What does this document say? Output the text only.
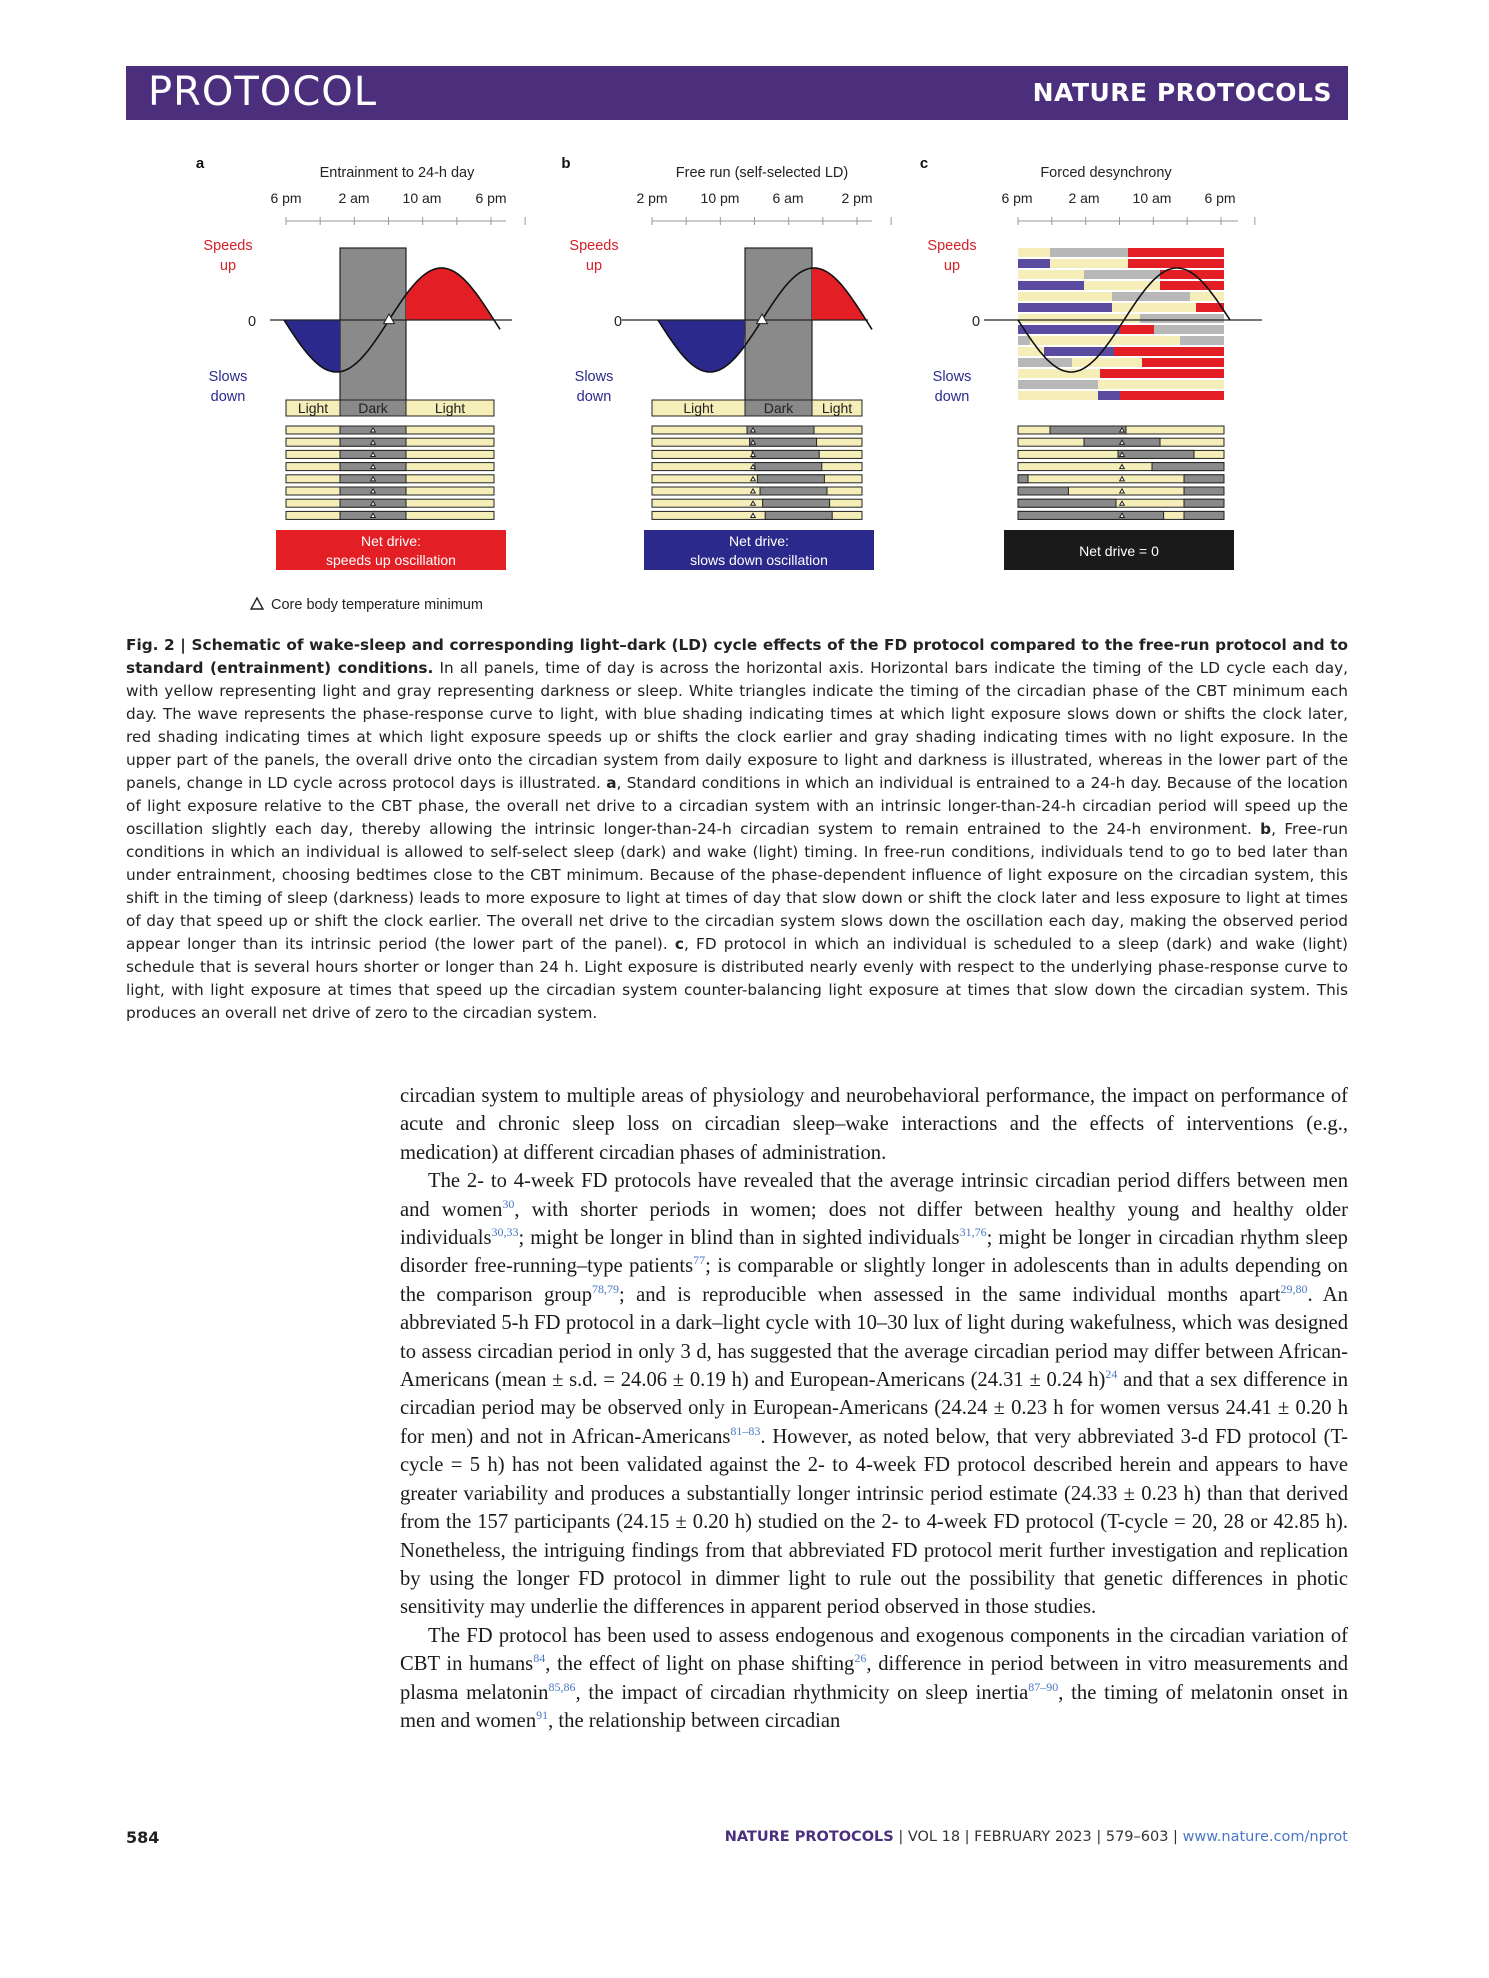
PROTOCOL	NATURE PROTOCOLS
a
Entrainment to 24-h day
6 pm	2 am 10 am 6 pm
Speeds
up
0
Slows
down
Light Dark	Light
Net drive:
speeds up oscillation
b
Free run (self-selected LD)
2 pm 10 pm 6 am	2 pm
Speeds
up
0
Slows
down
Light	Dark Light
Net drive:
slows down oscillation
c
Forced desynchrony
6 pm	2 am 10 am 6 pm
Speeds
up
0
Slows
down
Net drive = 0
Core body temperature minimum
Fig. 2 | Schematic of wake-sleep and corresponding light–dark (LD) cycle effects of the FD protocol compared to the free-run protocol and to standard (entrainment) conditions. In all panels, time of day is across the horizontal axis. Horizontal bars indicate the timing of the LD cycle each day, with yellow representing light and gray representing darkness or sleep. White triangles indicate the timing of the circadian phase of the CBT minimum each day. The wave represents the phase-response curve to light, with blue shading indicating times at which light exposure slows down or shifts the clock later, red shading indicating times at which light exposure speeds up or shifts the clock earlier and gray shading indicating times with no light exposure. In the upper part of the panels, the overall drive onto the circadian system from daily exposure to light and darkness is illustrated, whereas in the lower part of the panels, change in LD cycle across protocol days is illustrated. a, Standard conditions in which an individual is entrained to a 24-h day. Because of the location of light exposure relative to the CBT phase, the overall net drive to a circadian system with an intrinsic longer-than-24-h circadian period will speed up the oscillation slightly each day, thereby allowing the intrinsic longer-than-24-h circadian system to remain entrained to the 24-h environment. b, Free-run conditions in which an individual is allowed to self-select sleep (dark) and wake (light) timing. In free-run conditions, individuals tend to go to bed later than under entrainment, choosing bedtimes close to the CBT minimum. Because of the phase-dependent influence of light exposure on the circadian system, this shift in the timing of sleep (darkness) leads to more exposure to light at times of day that slow down or shift the clock later and less exposure to light at times of day that speed up or shift the clock earlier. The overall net drive to the circadian system slows down the oscillation each day, making the observed period appear longer than its intrinsic period (the lower part of the panel). c, FD protocol in which an individual is scheduled to a sleep (dark) and wake (light) schedule that is several hours shorter or longer than 24 h. Light exposure is distributed nearly evenly with respect to the underlying phase-response curve to light, with light exposure at times that speed up the circadian system counter-balancing light exposure at times that slow down the circadian system. This produces an overall net drive of zero to the circadian system.

circadian system to multiple areas of physiology and neurobehavioral performance, the impact on performance of acute and chronic sleep loss on circadian sleep–wake interactions and the effects of interventions (e.g., medication) at different circadian phases of administration.

The 2- to 4-week FD protocols have revealed that the average intrinsic circadian period differs between men and women$^{30}$, with shorter periods in women; does not differ between healthy young and healthy older individuals$^{30,33}$; might be longer in blind than in sighted individuals$^{31,76}$; might be longer in circadian rhythm sleep disorder free-running–type patients$^{77}$; is comparable or slightly longer in adolescents than in adults depending on the comparison group$^{78,79}$; and is reproducible when assessed in the same individual months apart$^{29,80}$. An abbreviated 5-h FD protocol in a dark–light cycle with 10–30 lux of light during wakefulness, which was designed to assess circadian period in only 3 d, has suggested that the average circadian period may differ between African-Americans (mean ± s.d. = 24.06 ± 0.19 h) and European-Americans (24.31 ± 0.24 h)$^{24}$ and that a sex difference in circadian period may be observed only in European-Americans (24.24 ± 0.23 h for women versus 24.41 ± 0.20 h for men) and not in African-Americans$^{81-83}$. However, as noted below, that very abbreviated 3-d FD protocol (T-cycle = 5 h) has not been validated against the 2- to 4-week FD protocol described herein and appears to have greater variability and produces a substantially longer intrinsic period estimate (24.33 ± 0.23 h) than that derived from the 157 participants (24.15 ± 0.20 h) studied on the 2- to 4-week FD protocol (T-cycle = 20, 28 or 42.85 h). Nonetheless, the intriguing findings from that abbreviated FD protocol merit further investigation and replication by using the longer FD protocol in dimmer light to rule out the possibility that genetic differences in photic sensitivity may underlie the differences in apparent period observed in those studies.

The FD protocol has been used to assess endogenous and exogenous components in the circadian variation of CBT in humans$^{84}$, the effect of light on phase shifting$^{26}$, difference in period between in vitro measurements and plasma melatonin$^{85,86}$, the impact of circadian rhythmicity on sleep inertia$^{87-90}$, the timing of melatonin onset in men and women$^{91}$, the relationship between circadian

584	NATURE PROTOCOLS | VOL 18 | FEBRUARY 2023 | 579–603 | www.nature.com/nprot
